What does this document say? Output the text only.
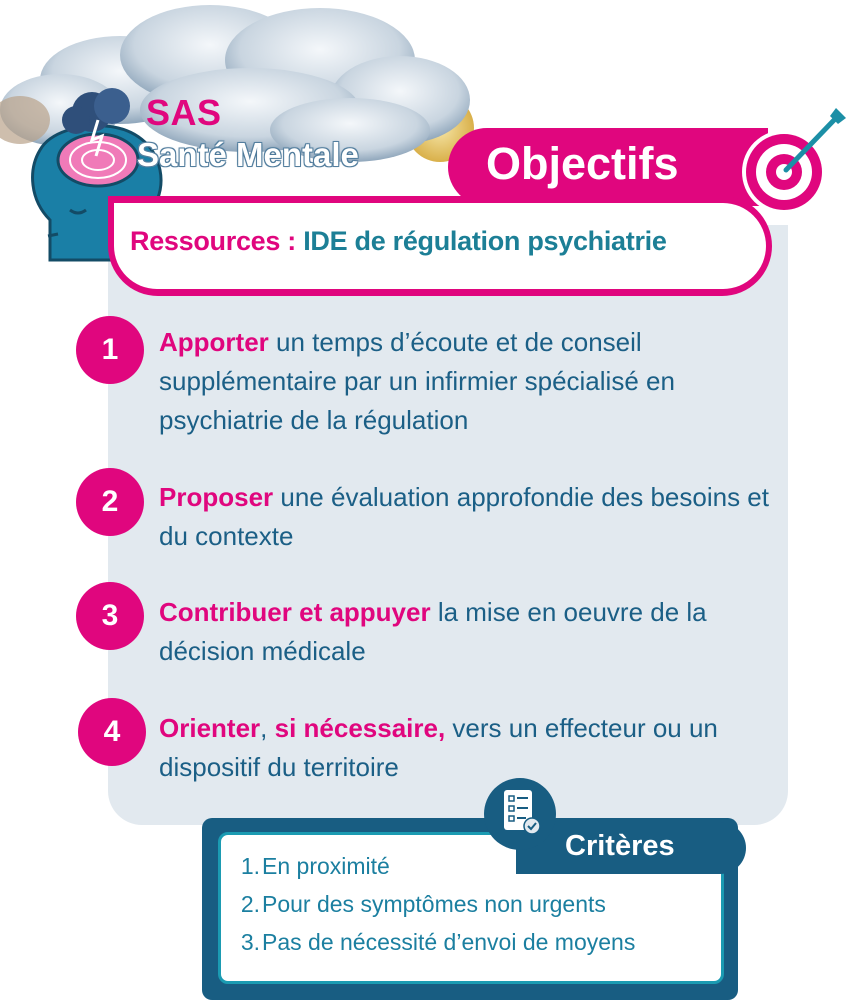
SAS
Santé Mentale	Objectifs
Ressources : IDE de régulation psychiatrie
1	Apporter un temps d’écoute et de conseil supplémentaire par un infirmier spécialisé en psychiatrie de la régulation
2	Proposer une évaluation approfondie des besoins et du contexte
3	Contribuer et appuyer la mise en oeuvre de la décision médicale
4	Orienter, si nécessaire, vers un effecteur ou un dispositif du territoire
Critères
1.En proximité
2.Pour des symptômes non urgents
3.Pas de nécessité d’envoi de moyens
